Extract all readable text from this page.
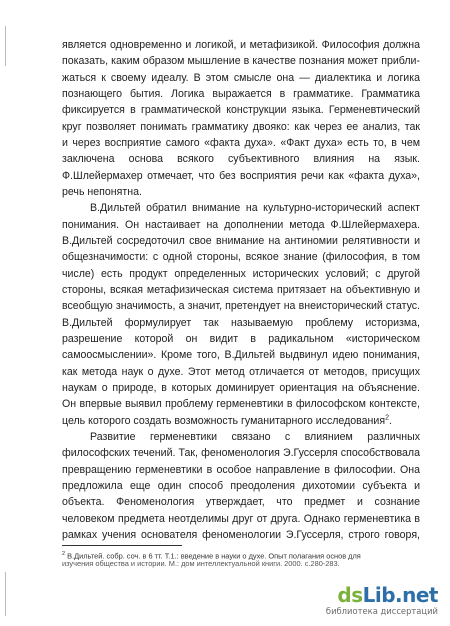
является одновременно и логикой, и метафизикой. Философия должна
показать, каким образом мышление в качестве познания может прибли-
жаться к своему идеалу. В этом смысле она — диалектика и логика
познающего бытия. Логика выражается в грамматике. Грамматика
фиксируется в грамматической конструкции языка. Герменевтический
круг позволяет понимать грамматику двояко: как через ее анализ, так
и через восприятие самого «факта духа». «Факт духа» есть то, в чем
заключена основа всякого субъективного влияния на язык.
Ф.Шлейермахер отмечает, что без восприятия речи как «факта духа»,
речь непонятна.
В.Дильтей обратил внимание на культурно-исторический аспект
понимания. Он настаивает на дополнении метода Ф.Шлейермахера.
В.Дильтей сосредоточил свое внимание на антиномии релятивности и
общезначимости: с одной стороны, всякое знание (философия, в том
числе) есть продукт определенных исторических условий; с другой
стороны, всякая метафизическая система притязает на объективную и
всеобщую значимость, а значит, претендует на внеисторический статус.
В.Дильтей формулирует так называемую проблему историзма,
разрешение которой он видит в радикальном «историческом
самоосмыслении». Кроме того, В.Дильтей выдвинул идею понимания,
как метода наук о духе. Этот метод отличается от методов, присущих
наукам о природе, в которых доминирует ориентация на объяснение.
Он впервые выявил проблему герменевтики в философском контексте,
цель которого создать возможность гуманитарного исследования$^2$.
Развитие герменевтики связано с влиянием различных
философских течений. Так, феноменология Э.Гуссерля способствовала
превращению герменевтики в особое направление в философии. Она
предложила еще один способ преодоления дихотомии субъекта и
объекта. Феноменология утверждает, что предмет и сознание
человеком предмета неотделимы друг от друга. Однако герменевтика в
рамках учения основателя феноменологии Э.Гуссерля, строго говоря,
$^2$ В.Дильтей. собр. соч. в 6 тт. Т.1.: введение в науки о духе. Опыт полагания основ для
изучения общества и истории. М.: дом интеллектуальной книги. 2000. с.280-283.
dsLib.net
библиотека диссертаций
